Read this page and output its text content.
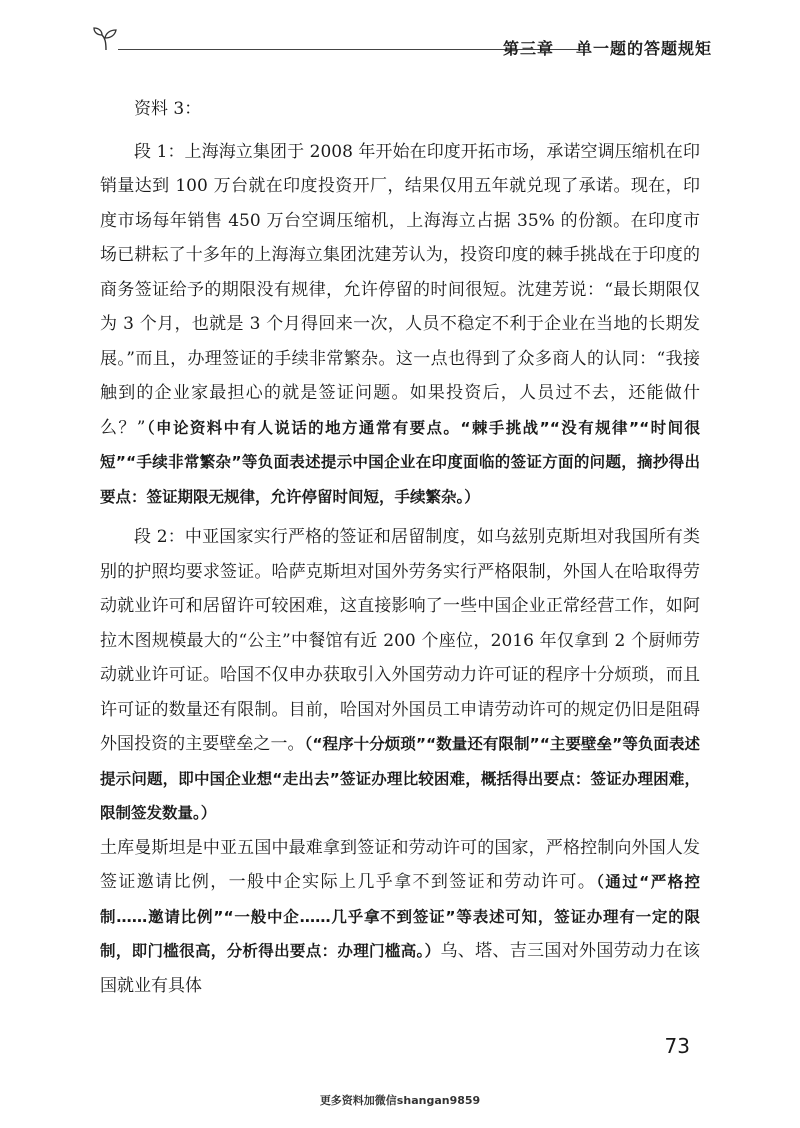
第三章 单一题的答题规矩

资料 3：

段 1：上海海立集团于 2008 年开始在印度开拓市场，承诺空调压缩机在印销量达到 100 万台就在印度投资开厂，结果仅用五年就兑现了承诺。现在，印度市场每年销售 450 万台空调压缩机，上海海立占据 35% 的份额。在印度市场已耕耘了十多年的上海海立集团沈建芳认为，投资印度的棘手挑战在于印度的商务签证给予的期限没有规律，允许停留的时间很短。沈建芳说：“最长期限仅为 3 个月，也就是 3 个月得回来一次，人员不稳定不利于企业在当地的长期发展。”而且，办理签证的手续非常繁杂。这一点也得到了众多商人的认同：“我接触到的企业家最担心的就是签证问题。如果投资后，人员过不去，还能做什么？”（申论资料中有人说话的地方通常有要点。“棘手挑战”“没有规律”“时间很短”“手续非常繁杂”等负面表述提示中国企业在印度面临的签证方面的问题，摘抄得出要点：签证期限无规律，允许停留时间短，手续繁杂。）

段 2：中亚国家实行严格的签证和居留制度，如乌兹别克斯坦对我国所有类别的护照均要求签证。哈萨克斯坦对国外劳务实行严格限制，外国人在哈取得劳动就业许可和居留许可较困难，这直接影响了一些中国企业正常经营工作，如阿拉木图规模最大的“公主”中餐馆有近 200 个座位，2016 年仅拿到 2 个厨师劳动就业许可证。哈国不仅申办获取引入外国劳动力许可证的程序十分烦琐，而且许可证的数量还有限制。目前，哈国对外国员工申请劳动许可的规定仍旧是阻碍外国投资的主要壁垒之一。（“程序十分烦琐”“数量还有限制”“主要壁垒”等负面表述提示问题，即中国企业想“走出去”签证办理比较困难，概括得出要点：签证办理困难，限制签发数量。）

土库曼斯坦是中亚五国中最难拿到签证和劳动许可的国家，严格控制向外国人发签证邀请比例，一般中企实际上几乎拿不到签证和劳动许可。（通过“严格控制……邀请比例”“一般中企……几乎拿不到签证”等表述可知，签证办理有一定的限制，即门槛很高，分析得出要点：办理门槛高。）乌、塔、吉三国对外国劳动力在该国就业有具体

73
更多资料加微信shangan9859
